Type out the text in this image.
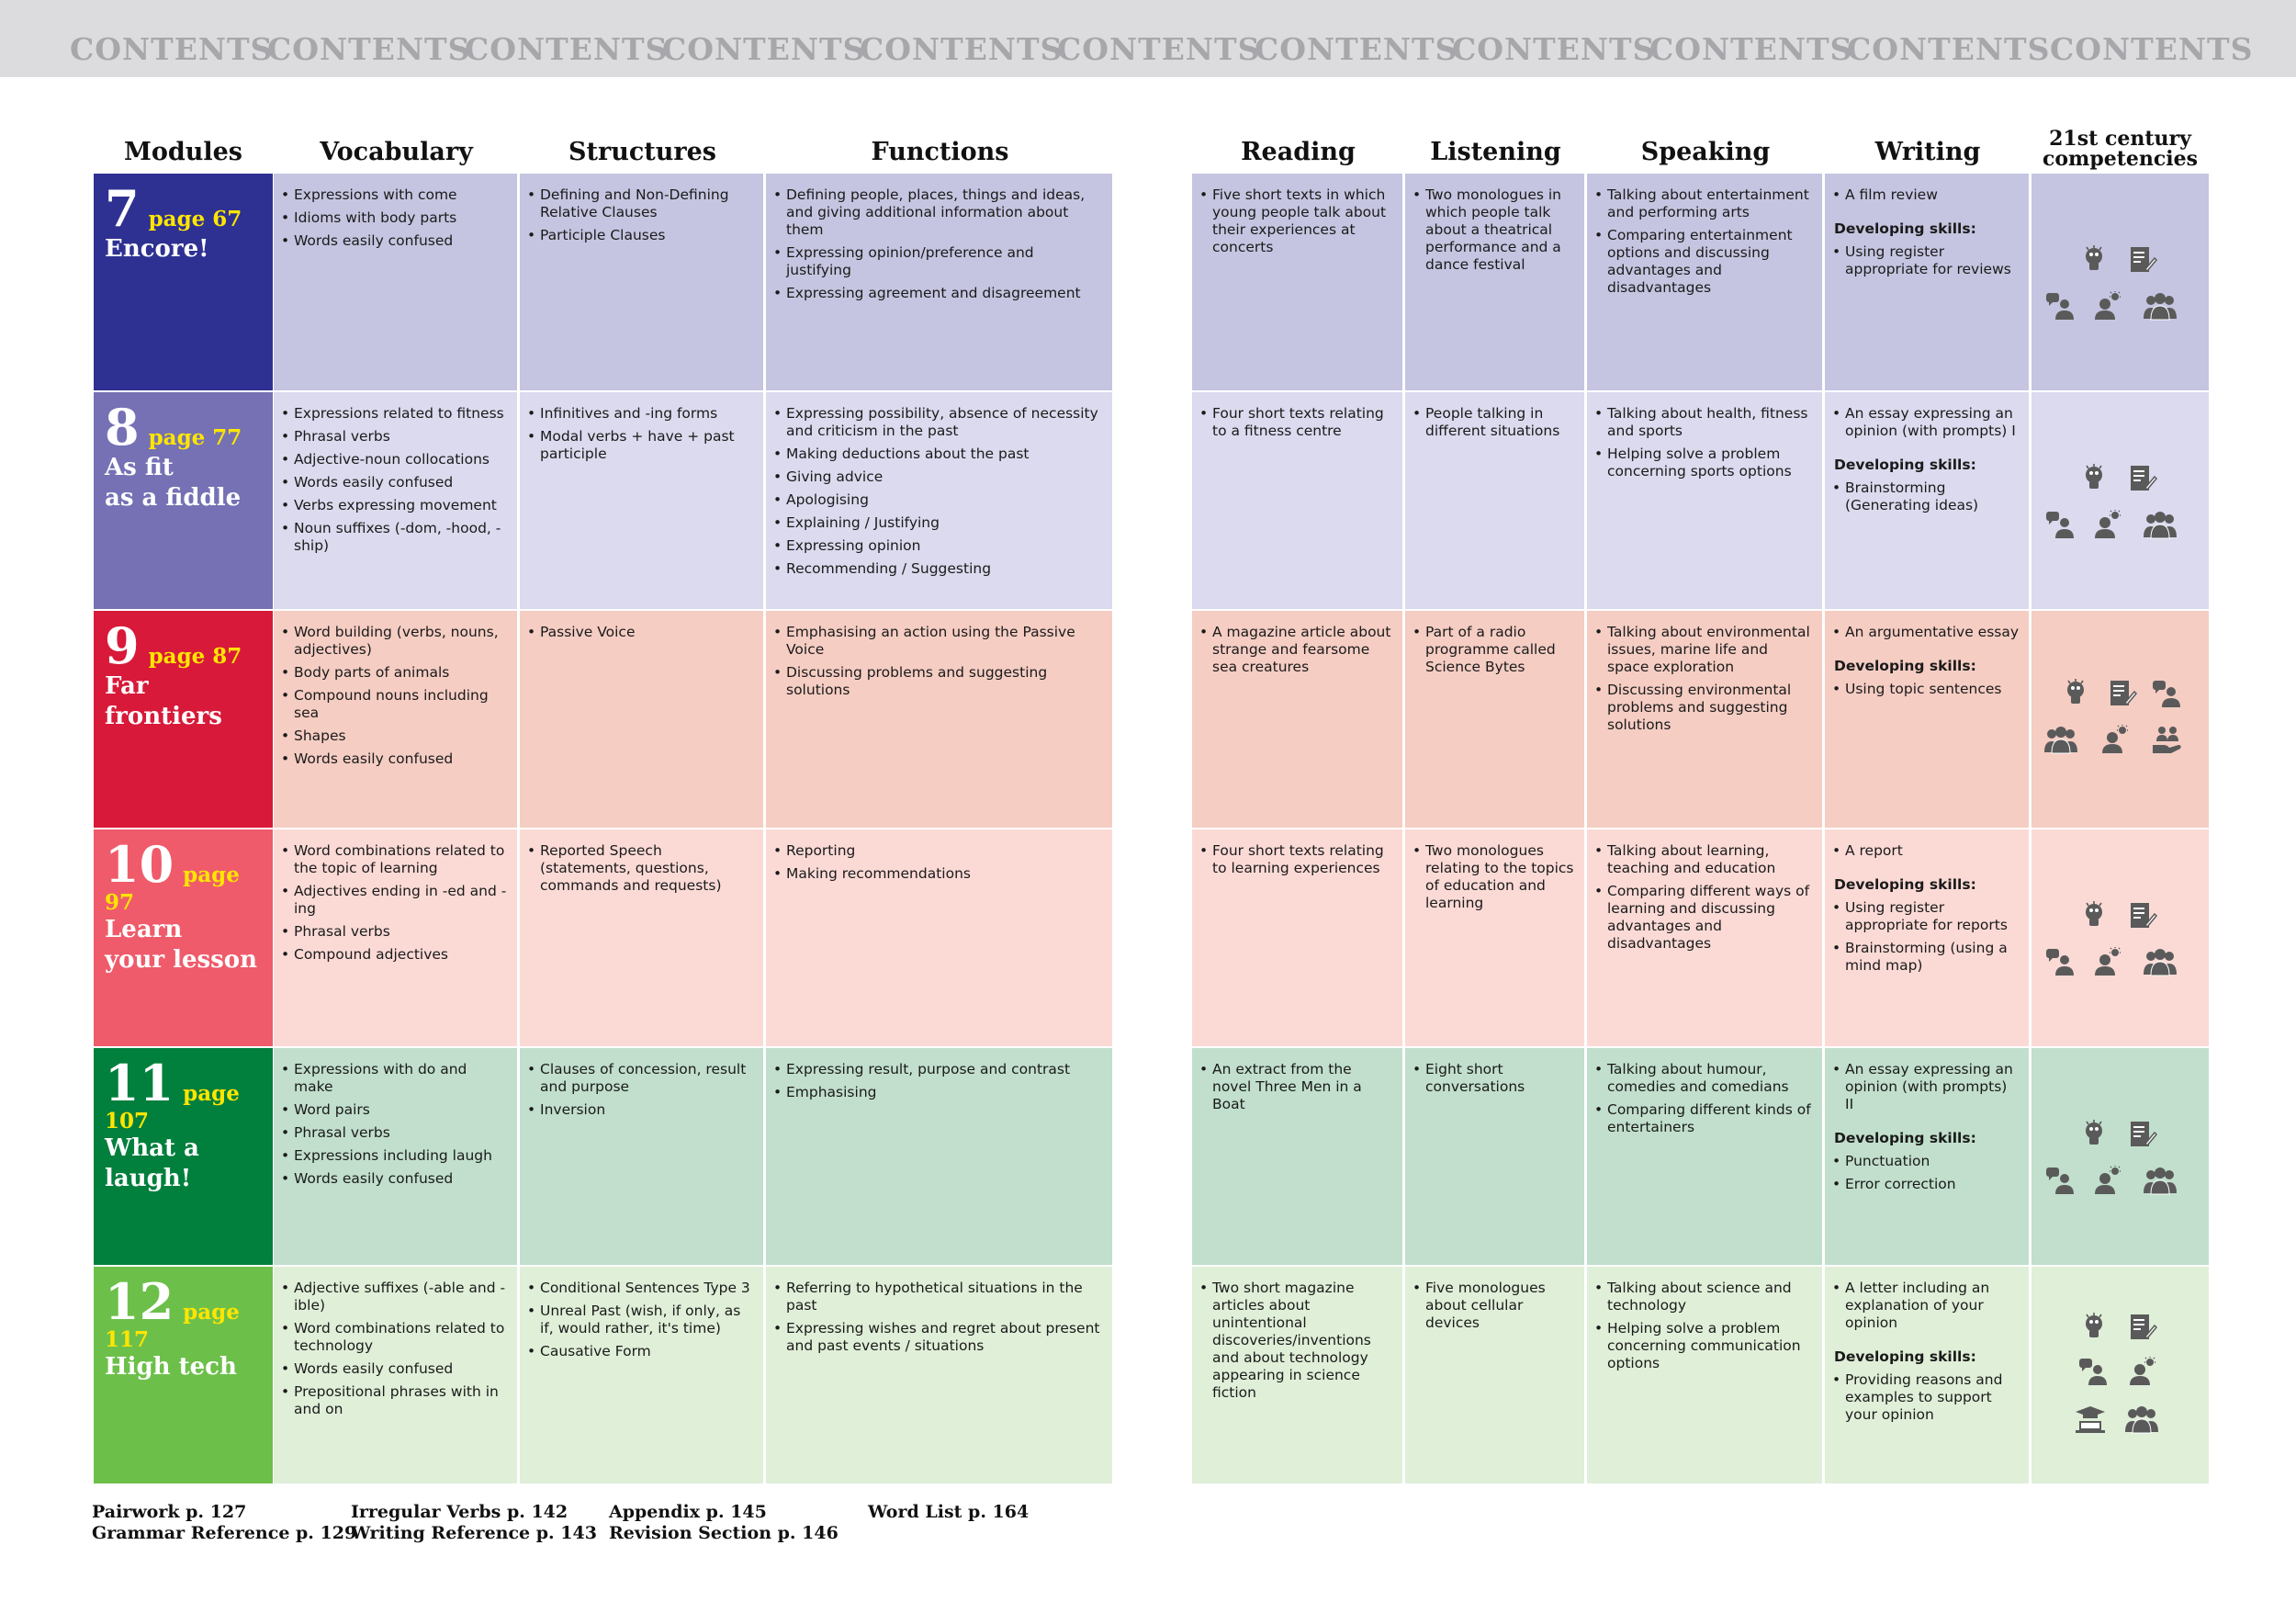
CONTENTS
CONTENTS
CONTENTS
CONTENTS
CONTENTS
CONTENTS
CONTENTS
CONTENTS
CONTENTS
CONTENTS CONTENTS
Modules	Vocabulary	Structures	Functions	Reading	Listening	Speaking	Writing	21st century competencies
7 page 67
Encore!
• Expressions with come
• Idioms with body parts
• Words easily confused
• Defining and Non-Defining Relative Clauses
• Participle Clauses
• Defining people, places, things and ideas, and giving additional information about them
• Expressing opinion/preference and justifying
• Expressing agreement and disagreement
• Five short texts in which young people talk about their experiences at concerts
• Two monologues in which people talk about a theatrical performance and a dance festival
• Talking about entertainment and performing arts
• Comparing entertainment options and discussing advantages and disadvantages
• A film review
Developing skills:
• Using register appropriate for reviews
8 page 77
As fit
as a fiddle
• Expressions related to fitness
• Phrasal verbs
• Adjective-noun collocations
• Words easily confused
• Verbs expressing movement
• Noun suffixes (-dom, -hood, -ship)
• Infinitives and -ing forms
• Modal verbs + have + past participle
• Expressing possibility, absence of necessity and criticism in the past
• Making deductions about the past
• Giving advice
• Apologising
• Explaining / Justifying
• Expressing opinion
• Recommending / Suggesting
• Four short texts relating to a fitness centre
• People talking in different situations
• Talking about health, fitness and sports
• Helping solve a problem concerning sports options
• An essay expressing an opinion (with prompts) I
Developing skills:
• Brainstorming (Generating ideas)
9 page 87
Far frontiers
• Word building (verbs, nouns, adjectives)
• Body parts of animals
• Compound nouns including sea
• Shapes
• Words easily confused
• Passive Voice
•	Emphasising an action using the Passive Voice
• Discussing problems and suggesting solutions
• A magazine article about strange and fearsome sea creatures
• Part of a radio programme called Science Bytes
• Talking about environmental issues, marine life and space exploration
• Discussing environmental problems and suggesting solutions
• An argumentative essay
Developing skills:
• Using topic sentences
10 page 97
Learn
your lesson
• Word combinations related to the topic of learning
• Adjectives ending in -ed and -ing
• Phrasal verbs
• Compound adjectives
• Reported Speech (statements, questions, commands and requests)
• Reporting
• Making recommendations
• Four short texts relating to learning experiences
• Two monologues relating to the topics of education and learning
• Talking about learning, teaching and education
• Comparing different ways of learning and discussing advantages and disadvantages
• A report
Developing skills:
• Using register appropriate for reports
• Brainstorming (using a mind map)
11 page 107
What a laugh!
• Expressions with do and make
• Word pairs
• Phrasal verbs
• Expressions including laugh
• Words easily confused
• Clauses of concession, result and purpose
• Inversion
• Expressing result, purpose and contrast
• Emphasising
• An extract from the novel Three Men in a Boat
• Eight short conversations
• Talking about humour, comedies and comedians
• Comparing different kinds of entertainers
• An essay expressing an opinion (with prompts) II
Developing skills:
• Punctuation
• Error correction
12 page 117
High tech
• Adjective suffixes (-able and -ible)
• Word combinations related to technology
• Words easily confused
• Prepositional phrases with in and on
• Conditional Sentences Type 3
• Unreal Past (wish, if only, as if, would rather, it's time)
• Causative Form
• Referring to hypothetical situations in the past
• Expressing wishes and regret about present and past events / situations
• Two short magazine articles about unintentional discoveries/inventions and about technology appearing in science fiction
• Five monologues about cellular devices
• Talking about science and technology
• Helping solve a problem concerning communication options
• A letter including an explanation of your opinion
Developing skills:
• Providing reasons and examples to support your opinion
Pairwork p. 127
Grammar Reference p. 129
Irregular Verbs p. 142
Writing Reference p. 143
Appendix p. 145
Revision Section p. 146
Word List p. 164
